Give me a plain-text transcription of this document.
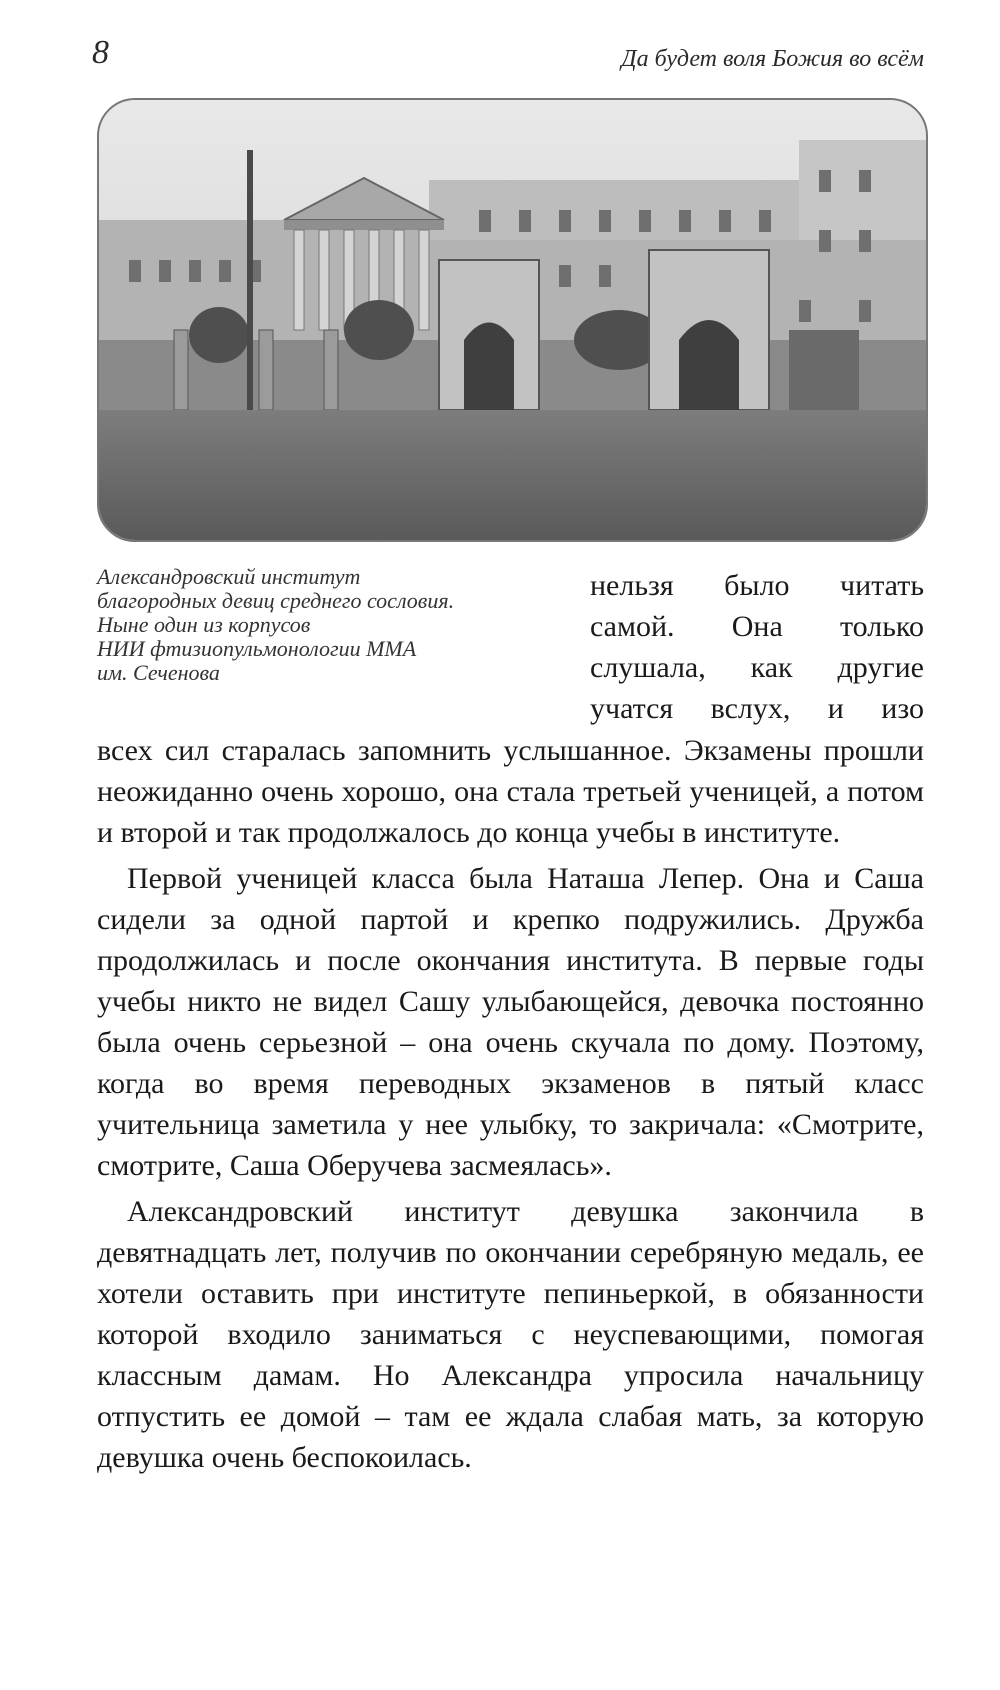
8	Да будет воля Божия во всём
Александровский институт
благородных девиц среднего сословия.
Ныне один из корпусов
НИИ фтизиопульмонологии ММА
им. Сеченова
нельзя было читать
самой. Она только
слушала, как другие
учатся вслух, и изо

всех сил старалась запомнить услышанное. Экзамены прошли неожиданно очень хорошо, она стала третьей ученицей, а потом и второй и так продолжалось до конца учебы в институте.

Первой ученицей класса была Наташа Лепер. Она и Саша сидели за одной партой и крепко подружились. Дружба продолжилась и после окончания института. В первые годы учебы никто не видел Сашу улыбающейся, девочка постоянно была очень серьезной – она очень скучала по дому. Поэтому, когда во время переводных экзаменов в пятый класс учительница заметила у нее улыбку, то закричала: «Смотрите, смотрите, Саша Оберучева засмеялась».

Александровский институт девушка закончила в девятнадцать лет, получив по окончании серебряную медаль, ее хотели оставить при институте пепиньеркой, в обязанности которой входило заниматься с неуспевающими, помогая классным дамам. Но Александра упросила начальницу отпустить ее домой – там ее ждала слабая мать, за которую девушка очень беспокоилась.
